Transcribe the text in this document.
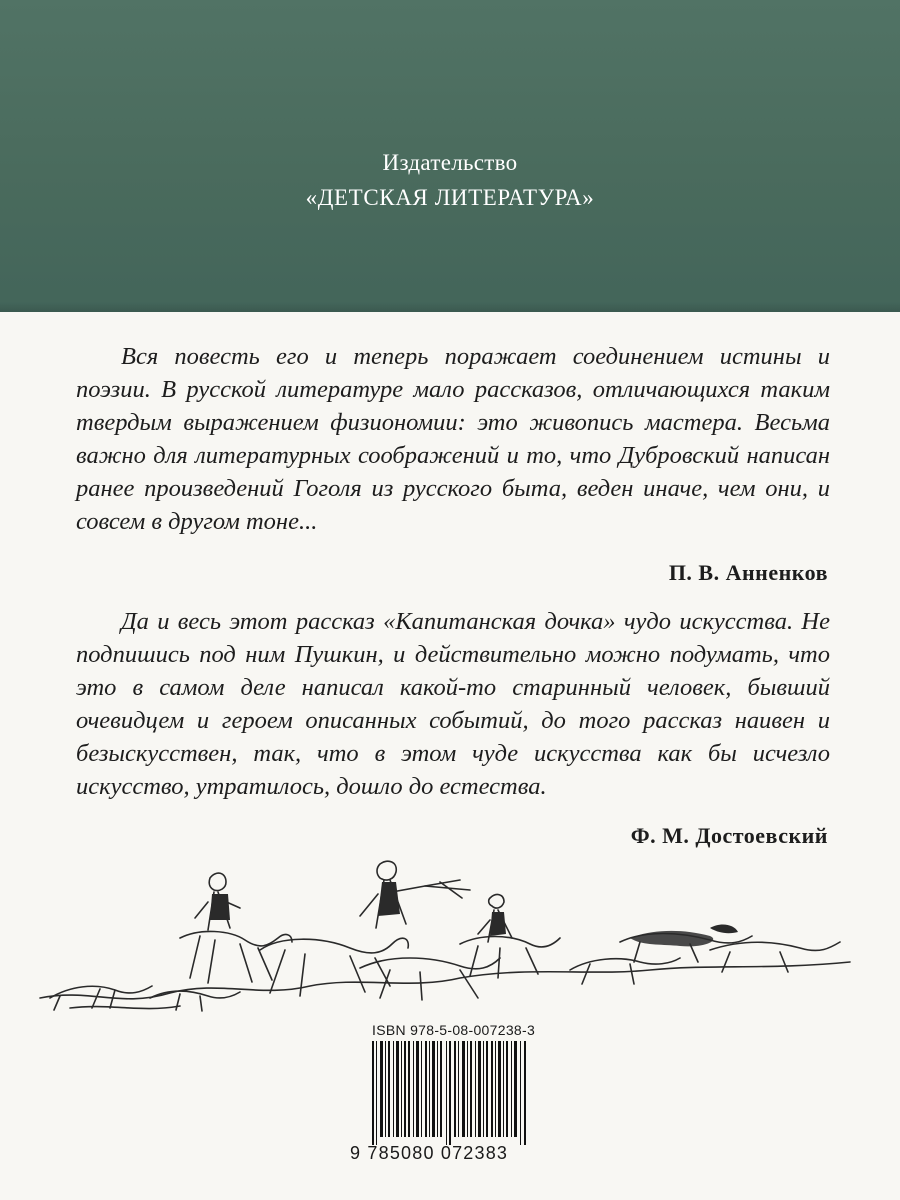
Издательство
«ДЕТСКАЯ ЛИТЕРАТУРА»

Вся повесть его и теперь поражает соединением истины и поэзии. В русской литературе мало рассказов, отличающихся таким твердым выражением физиономии: это живопись мастера. Весьма важно для литературных соображений и то, что Дубровский написан ранее произведений Гоголя из русского быта, веден иначе, чем они, и совсем в другом тоне...

П. В. Анненков

Да и весь этот рассказ «Капитанская дочка» чудо искусства. Не подпишись под ним Пушкин, и действительно можно подумать, что это в самом деле написал какой-то старинный человек, бывший очевидцем и героем описанных событий, до того рассказ наивен и безыскусствен, так, что в этом чуде искусства как бы исчезло искусство, утратилось, дошло до естества.

Ф. М. Достоевский
ISBN 978-5-08-007238-3
9 785080 072383
